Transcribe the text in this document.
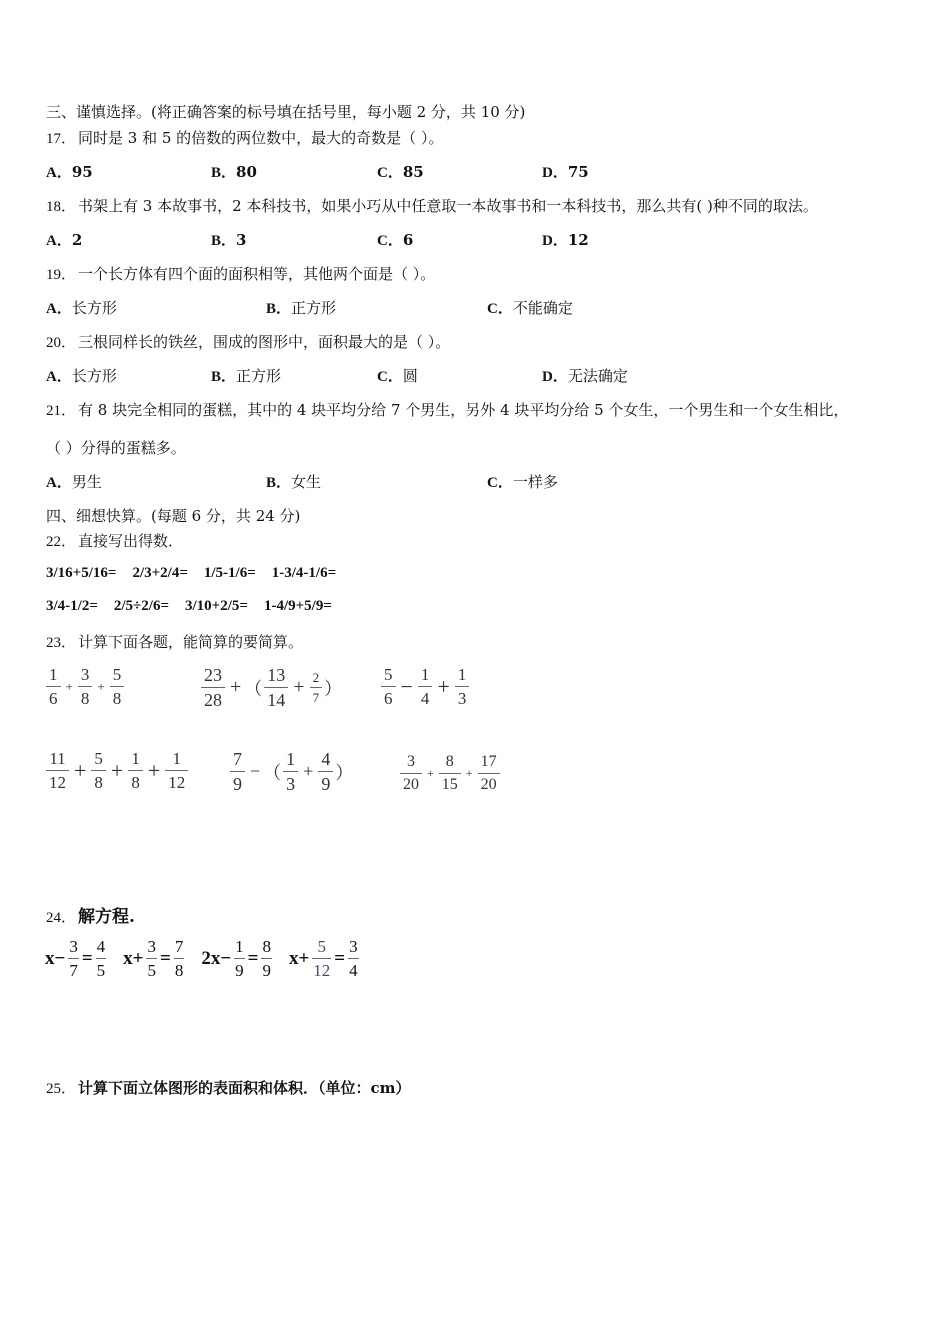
三、谨慎选择。(将正确答案的标号填在括号里，每小题 2 分，共 10 分)
17． 同时是 3 和 5 的倍数的两位数中，最大的奇数是（ ）。
A．95	B．80	C．85	D．75
18． 书架上有 3 本故事书，2 本科技书，如果小巧从中任意取一本故事书和一本科技书，那么共有( )种不同的取法。
A．2	B．3	C．6	D．12
19． 一个长方体有四个面的面积相等，其他两个面是（ ）。
A．长方形	B．正方形	C．不能确定
20． 三根同样长的铁丝，围成的图形中，面积最大的是（ ）。
A．长方形	B．正方形	C．圆	D．无法确定
21． 有 8 块完全相同的蛋糕，其中的 4 块平均分给 7 个男生，另外 4 块平均分给 5 个女生，一个男生和一个女生相比，
（ ）分得的蛋糕多。
A．男生	B．女生	C．一样多
四、细想快算。(每题 6 分，共 24 分)
22． 直接写出得数．
3/16+5/16= 2/3+2/4= 1/5-1/6= 1-3/4-1/6=
3/4-1/2= 2/5÷2/6= 3/10+2/5= 1-4/9+5/9=
23． 计算下面各题，能简算的要简算。
1
6
+ $\frac{3}{8} + \frac{5}{8}$	23
28
+ （
13
14
+ $\frac{2}{7}$ ）
5
$6 - \frac{1}{4} + \frac{1}{3}$
11
$12 + \frac{5}{8} + \frac{1}{8} + \frac{1}{12} 7$
9
− （
1
3
+ $\frac{4}{9}$ ）
3
20
+ $\frac{8}{15} + \frac{17}{20}$
24． 解方程.
$x- \frac{3}{7} = \frac{4}{5} x+ \frac{3}{5} = \frac{7}{8} 2x- \frac{1}{9} = \frac{8}{9} x+ \frac{5}{12} = \frac{3}{4}$
25． 计算下面立体图形的表面积和体积．（单位：cm）
